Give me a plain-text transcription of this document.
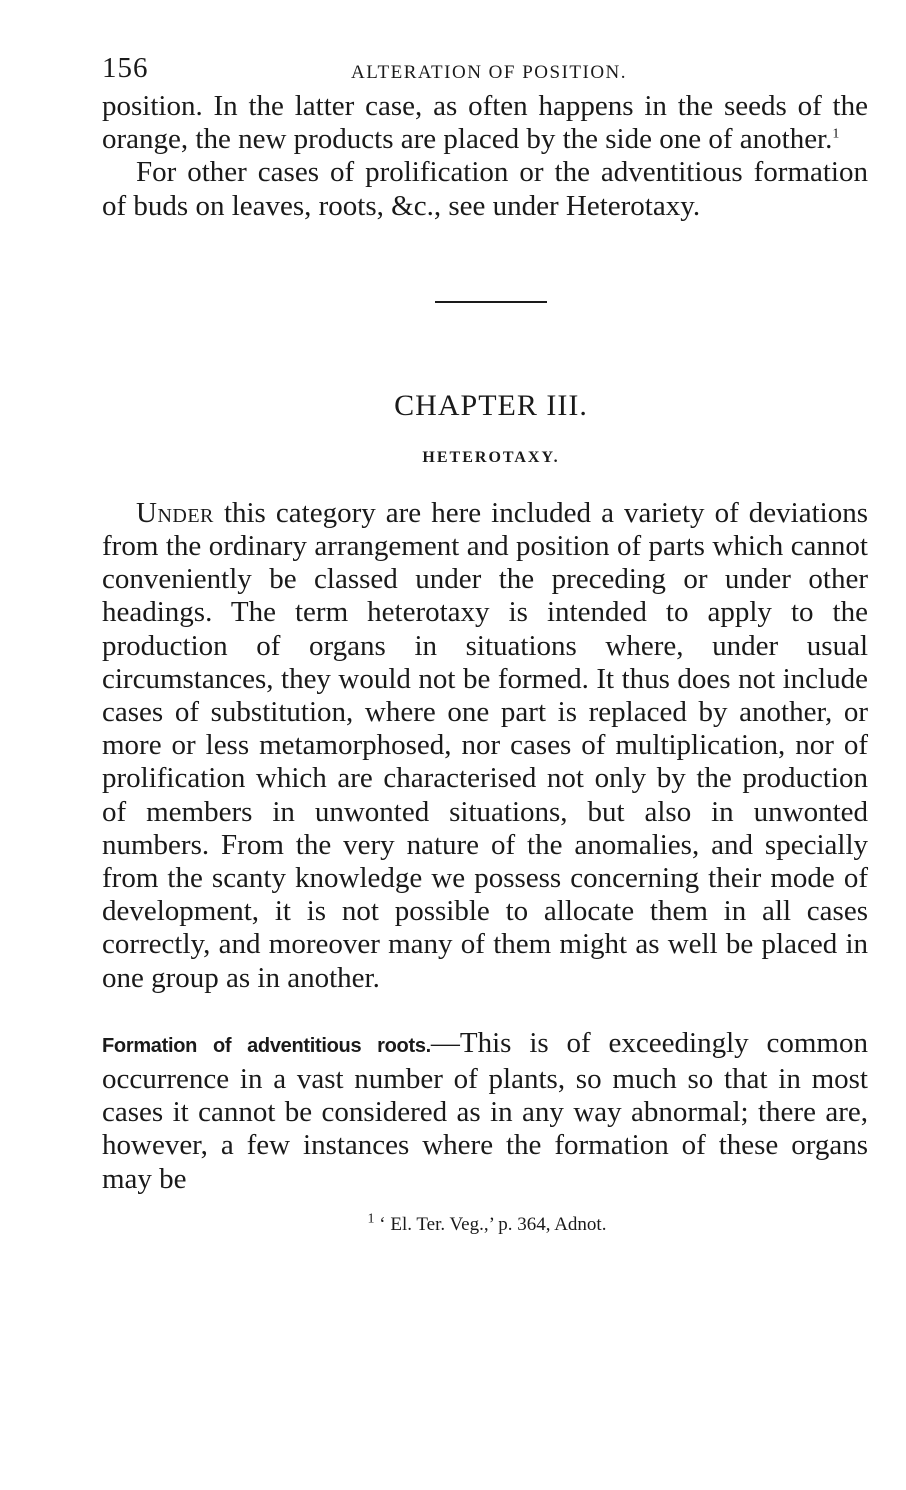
156	ALTERATION OF POSITION.

position. In the latter case, as often happens in the seeds of the orange, the new products are placed by the side one of another.$^1$

For other cases of prolification or the adventitious formation of buds on leaves, roots, &c., see under Heterotaxy.

CHAPTER III.
HETEROTAXY.

Under this category are here included a variety of deviations from the ordinary arrangement and position of parts which cannot conveniently be classed under the preceding or under other headings. The term heterotaxy is intended to apply to the production of organs in situations where, under usual circumstances, they would not be formed. It thus does not include cases of substitution, where one part is replaced by another, or more or less metamorphosed, nor cases of multiplication, nor of prolification which are characterised not only by the production of members in unwonted situations, but also in unwonted numbers. From the very nature of the anomalies, and specially from the scanty knowledge we possess concerning their mode of development, it is not possible to allocate them in all cases correctly, and moreover many of them might as well be placed in one group as in another.

Formation of adventitious roots.—This is of exceedingly common occurrence in a vast number of plants, so much so that in most cases it cannot be considered as in any way abnormal; there are, however, a few instances where the formation of these organs may be

$^1$ ‘ El. Ter. Veg.,’ p. 364, Adnot.
